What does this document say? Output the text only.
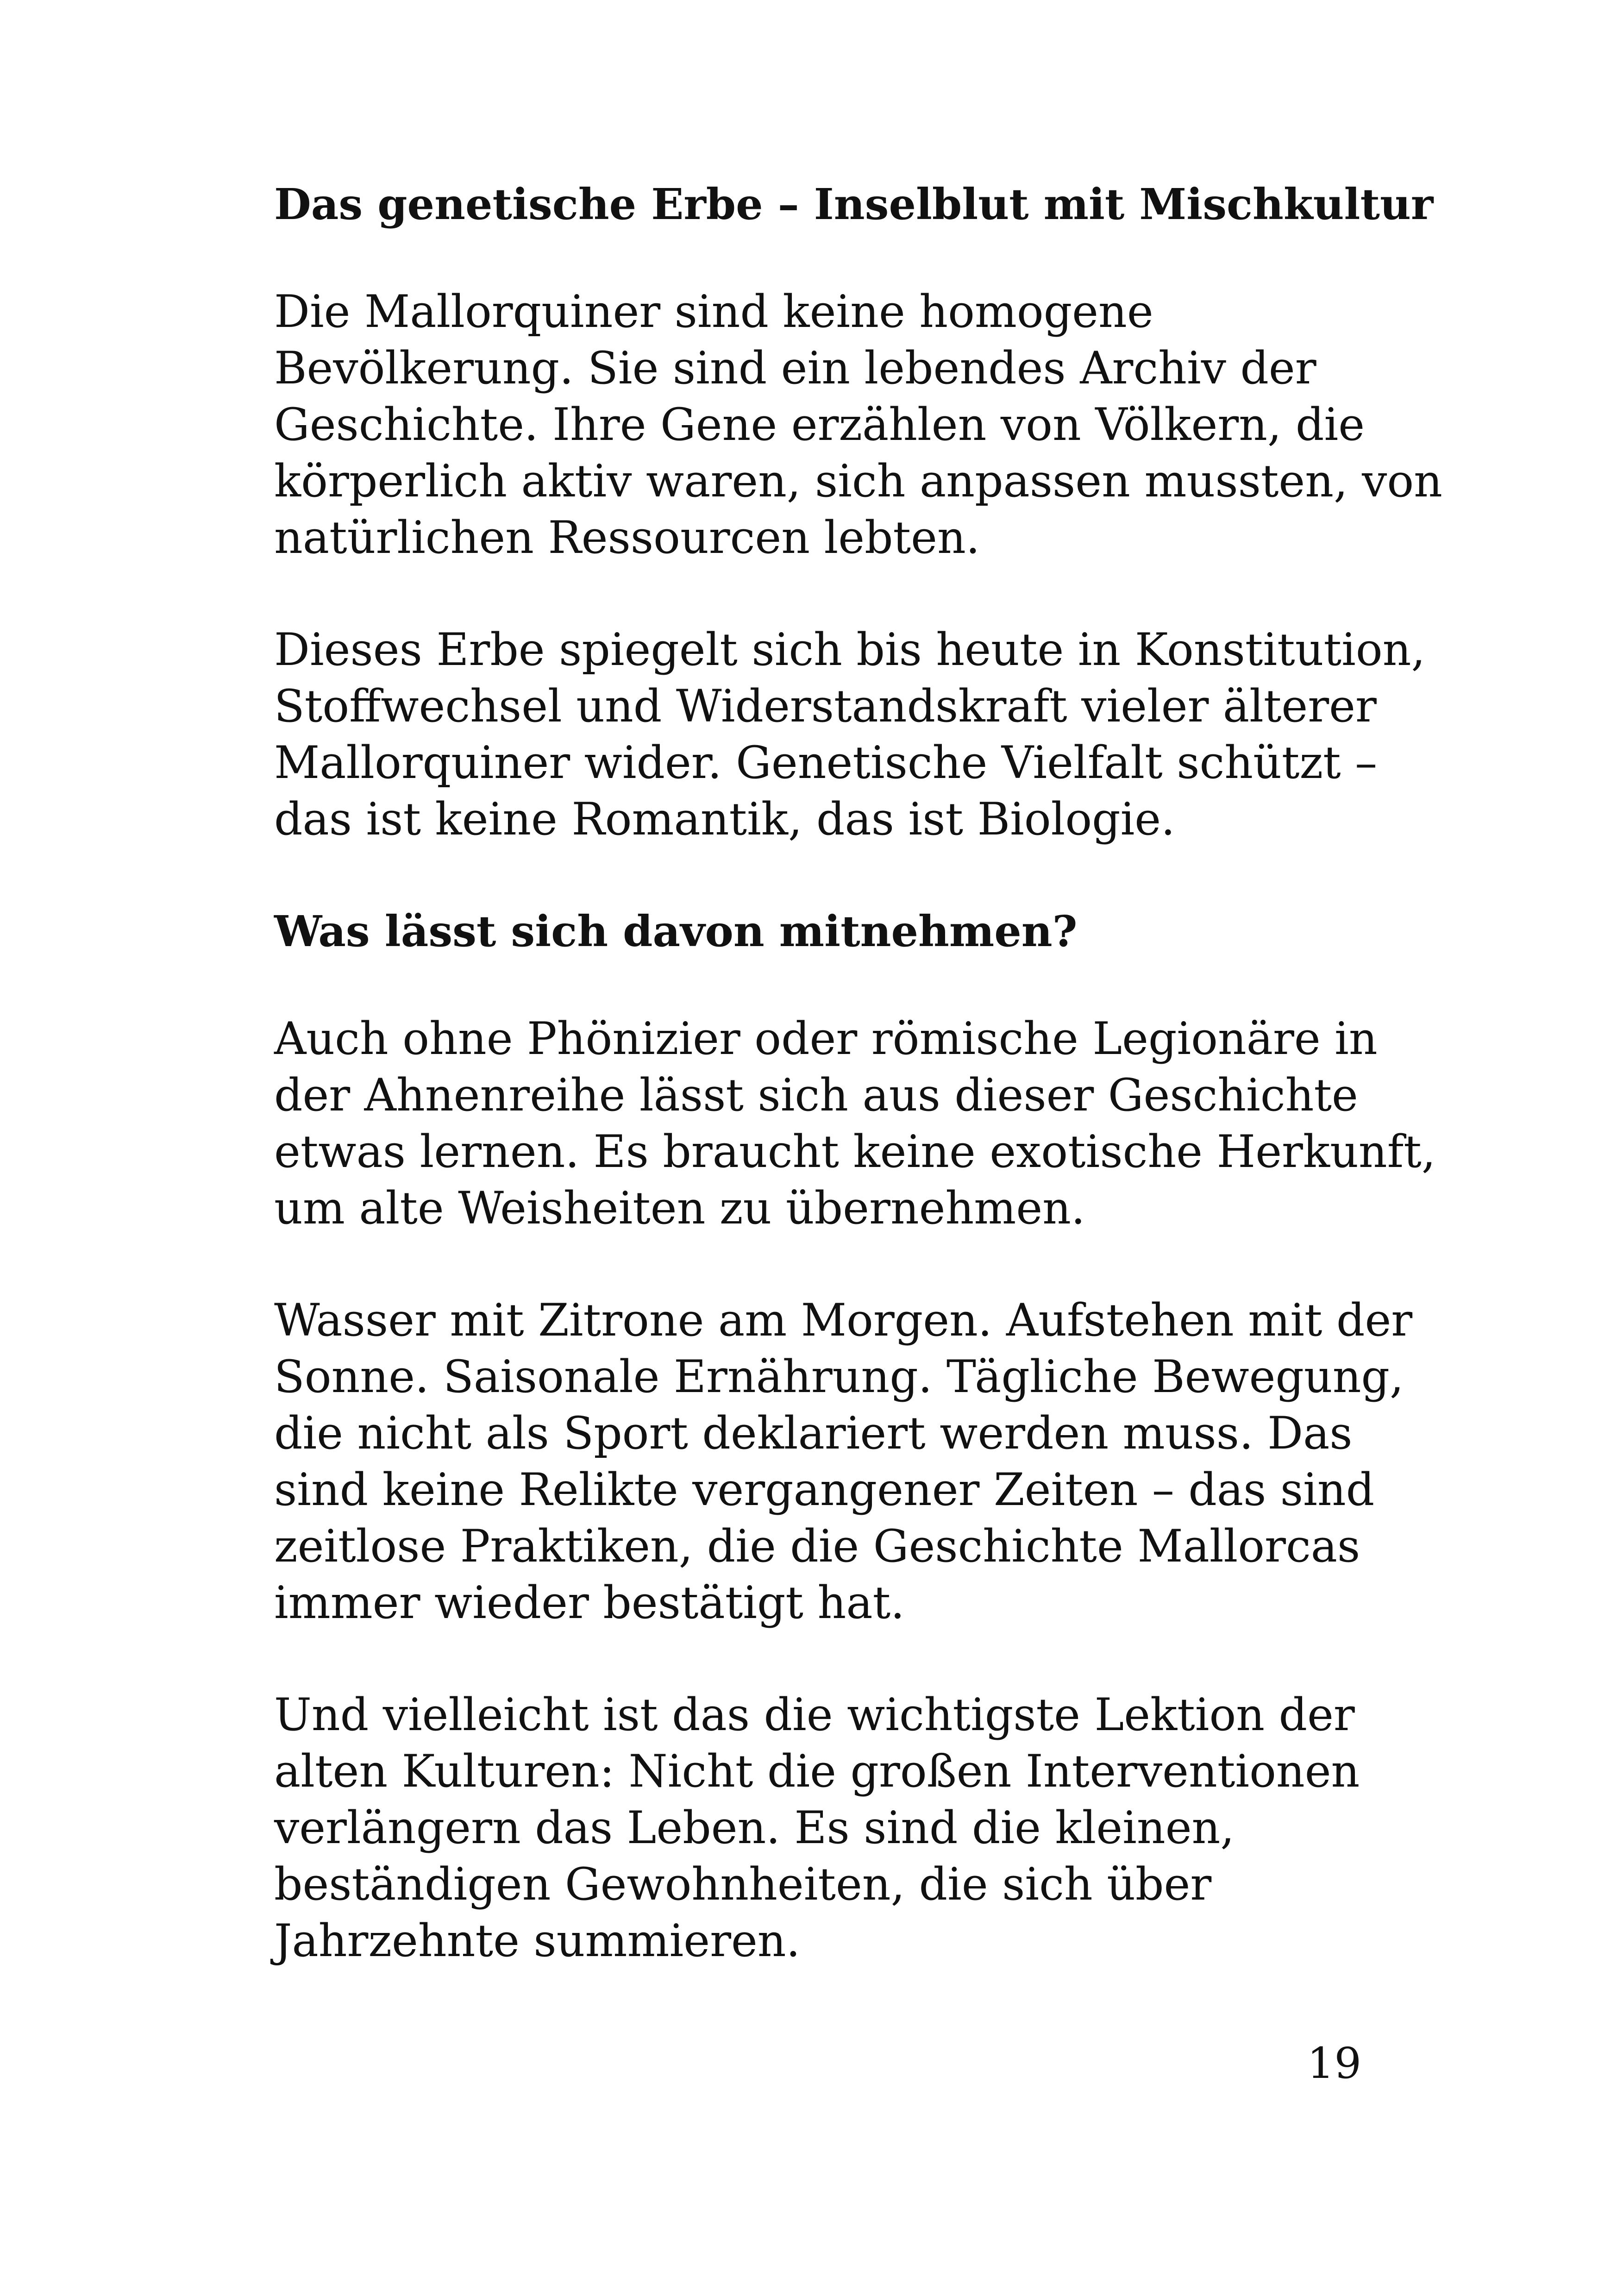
Das genetische Erbe – Inselblut mit Mischkultur

Die Mallorquiner sind keine homogene
Bevölkerung. Sie sind ein lebendes Archiv der
Geschichte. Ihre Gene erzählen von Völkern, die
körperlich aktiv waren, sich anpassen mussten, von
natürlichen Ressourcen lebten.

Dieses Erbe spiegelt sich bis heute in Konstitution,
Stoffwechsel und Widerstandskraft vieler älterer
Mallorquiner wider. Genetische Vielfalt schützt –
das ist keine Romantik, das ist Biologie.

Was lässt sich davon mitnehmen?

Auch ohne Phönizier oder römische Legionäre in
der Ahnenreihe lässt sich aus dieser Geschichte
etwas lernen. Es braucht keine exotische Herkunft,
um alte Weisheiten zu übernehmen.

Wasser mit Zitrone am Morgen. Aufstehen mit der
Sonne. Saisonale Ernährung. Tägliche Bewegung,
die nicht als Sport deklariert werden muss. Das
sind keine Relikte vergangener Zeiten – das sind
zeitlose Praktiken, die die Geschichte Mallorcas
immer wieder bestätigt hat.

Und vielleicht ist das die wichtigste Lektion der
alten Kulturen: Nicht die großen Interventionen
verlängern das Leben. Es sind die kleinen,
beständigen Gewohnheiten, die sich über
Jahrzehnte summieren.

19
